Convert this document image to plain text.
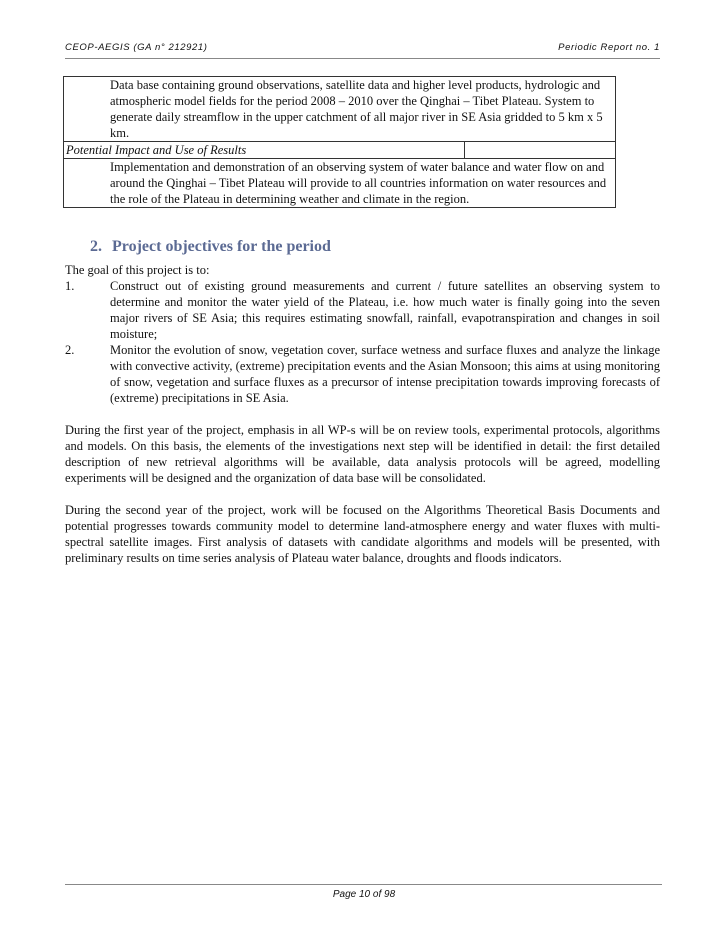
CEOP-AEGIS (GA n° 212921)	Periodic Report no. 1
Data base containing ground observations, satellite data and higher level products, hydrologic and atmospheric model fields for the period 2008 – 2010 over the Qinghai – Tibet Plateau. System to generate daily streamflow in the upper catchment of all major river in SE Asia gridded to 5 km x 5 km.
Potential Impact and Use of Results	
Implementation and demonstration of an observing system of water balance and water flow on and around the Qinghai – Tibet Plateau will provide to all countries information on water resources and the role of the Plateau in determining weather and climate in the region.
2. Project objectives for the period

The goal of this project is to:

1.	Construct out of existing ground measurements and current / future satellites an observing system to determine and monitor the water yield of the Plateau, i.e. how much water is finally going into the seven major rivers of SE Asia; this requires estimating snowfall, rainfall, evapotranspiration and changes in soil moisture;
2.	Monitor the evolution of snow, vegetation cover, surface wetness and surface fluxes and analyze the linkage with convective activity, (extreme) precipitation events and the Asian Monsoon; this aims at using monitoring of snow, vegetation and surface fluxes as a precursor of intense precipitation towards improving forecasts of (extreme) precipitations in SE Asia.

During the first year of the project, emphasis in all WP-s will be on review tools, experimental protocols, algorithms and models. On this basis, the elements of the investigations next step will be identified in detail: the first detailed description of new retrieval algorithms will be available, data analysis protocols will be agreed, modelling experiments will be designed and the organization of data base will be consolidated.

During the second year of the project, work will be focused on the Algorithms Theoretical Basis Documents and potential progresses towards community model to determine land-atmosphere energy and water fluxes with multi-spectral satellite images. First analysis of datasets with candidate algorithms and models will be presented, with preliminary results on time series analysis of Plateau water balance, droughts and floods indicators.

Page 10 of 98
